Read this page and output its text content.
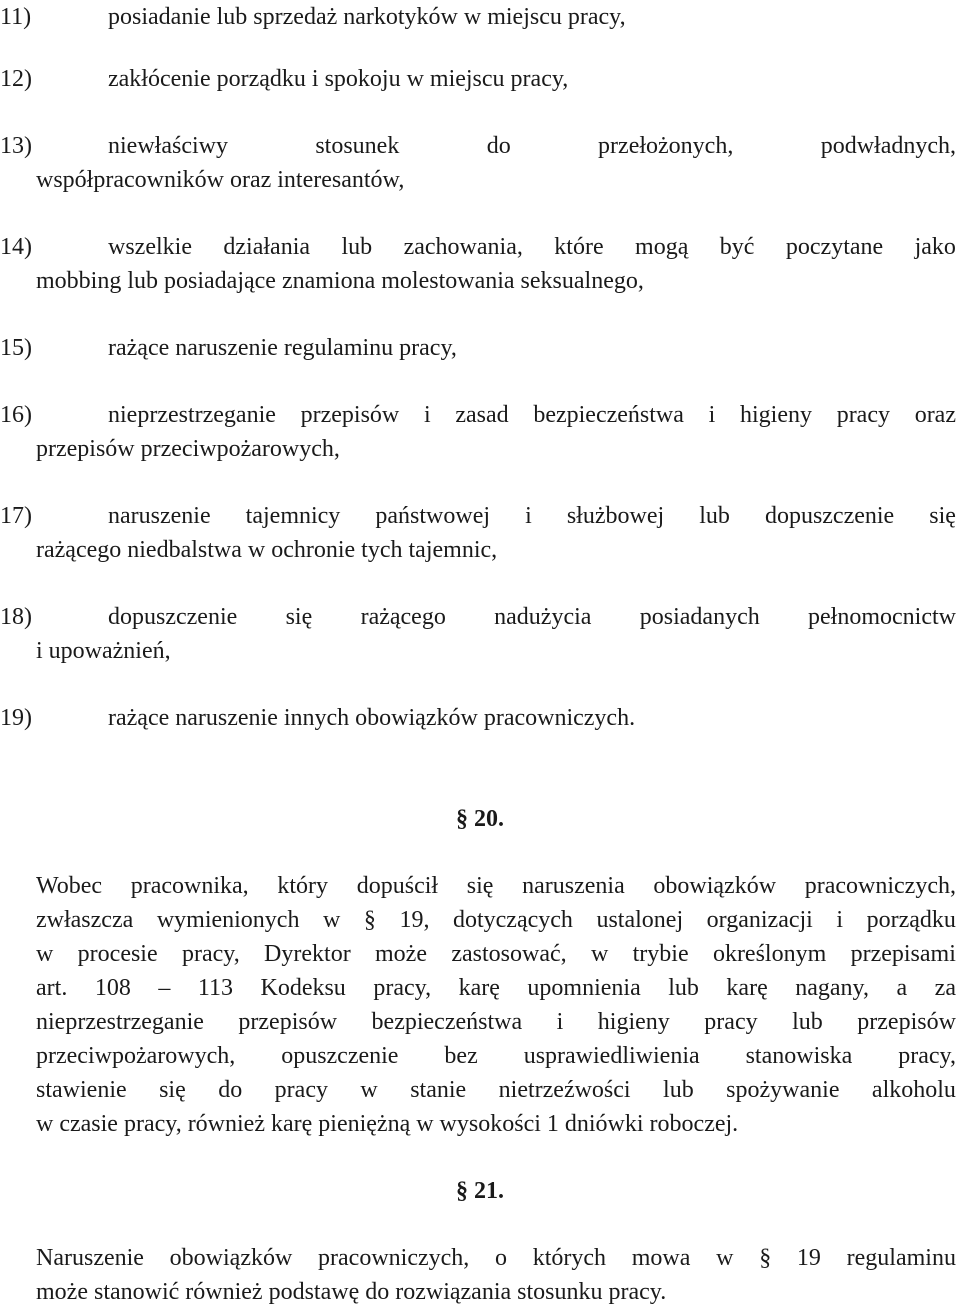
11)	posiadanie lub sprzedaż narkotyków w miejscu pracy,
12)	zakłócenie porządku i spokoju w miejscu pracy,
13)	niewłaściwy	stosunek	do	przełożonych,	podwładnych,
współpracowników oraz interesantów,
14)	wszelkie działania lub zachowania, które mogą być poczytane jako
mobbing lub posiadające znamiona molestowania seksualnego,
15)	rażące naruszenie regulaminu pracy,
16)	nieprzestrzeganie przepisów i zasad bezpieczeństwa i higieny pracy oraz
przepisów przeciwpożarowych,
17)	naruszenie tajemnicy państwowej i służbowej lub dopuszczenie się
rażącego niedbalstwa w ochronie tych tajemnic,
18)	dopuszczenie się rażącego nadużycia posiadanych pełnomocnictw
i upoważnień,
19)	rażące naruszenie innych obowiązków pracowniczych.
§ 20.
Wobec pracownika, który dopuścił się naruszenia obowiązków pracowniczych,
zwłaszcza wymienionych w § 19, dotyczących ustalonej organizacji i porządku
w procesie pracy, Dyrektor może zastosować, w trybie określonym przepisami
art. 108 – 113 Kodeksu pracy, karę upomnienia lub karę nagany, a za
nieprzestrzeganie przepisów bezpieczeństwa i higieny pracy lub przepisów
przeciwpożarowych, opuszczenie bez usprawiedliwienia stanowiska pracy,
stawienie się do pracy w stanie nietrzeźwości lub spożywanie alkoholu
w czasie pracy, również karę pieniężną w wysokości 1 dniówki roboczej.
§ 21.
Naruszenie obowiązków pracowniczych, o których mowa w § 19 regulaminu
może stanowić również podstawę do rozwiązania stosunku pracy.
